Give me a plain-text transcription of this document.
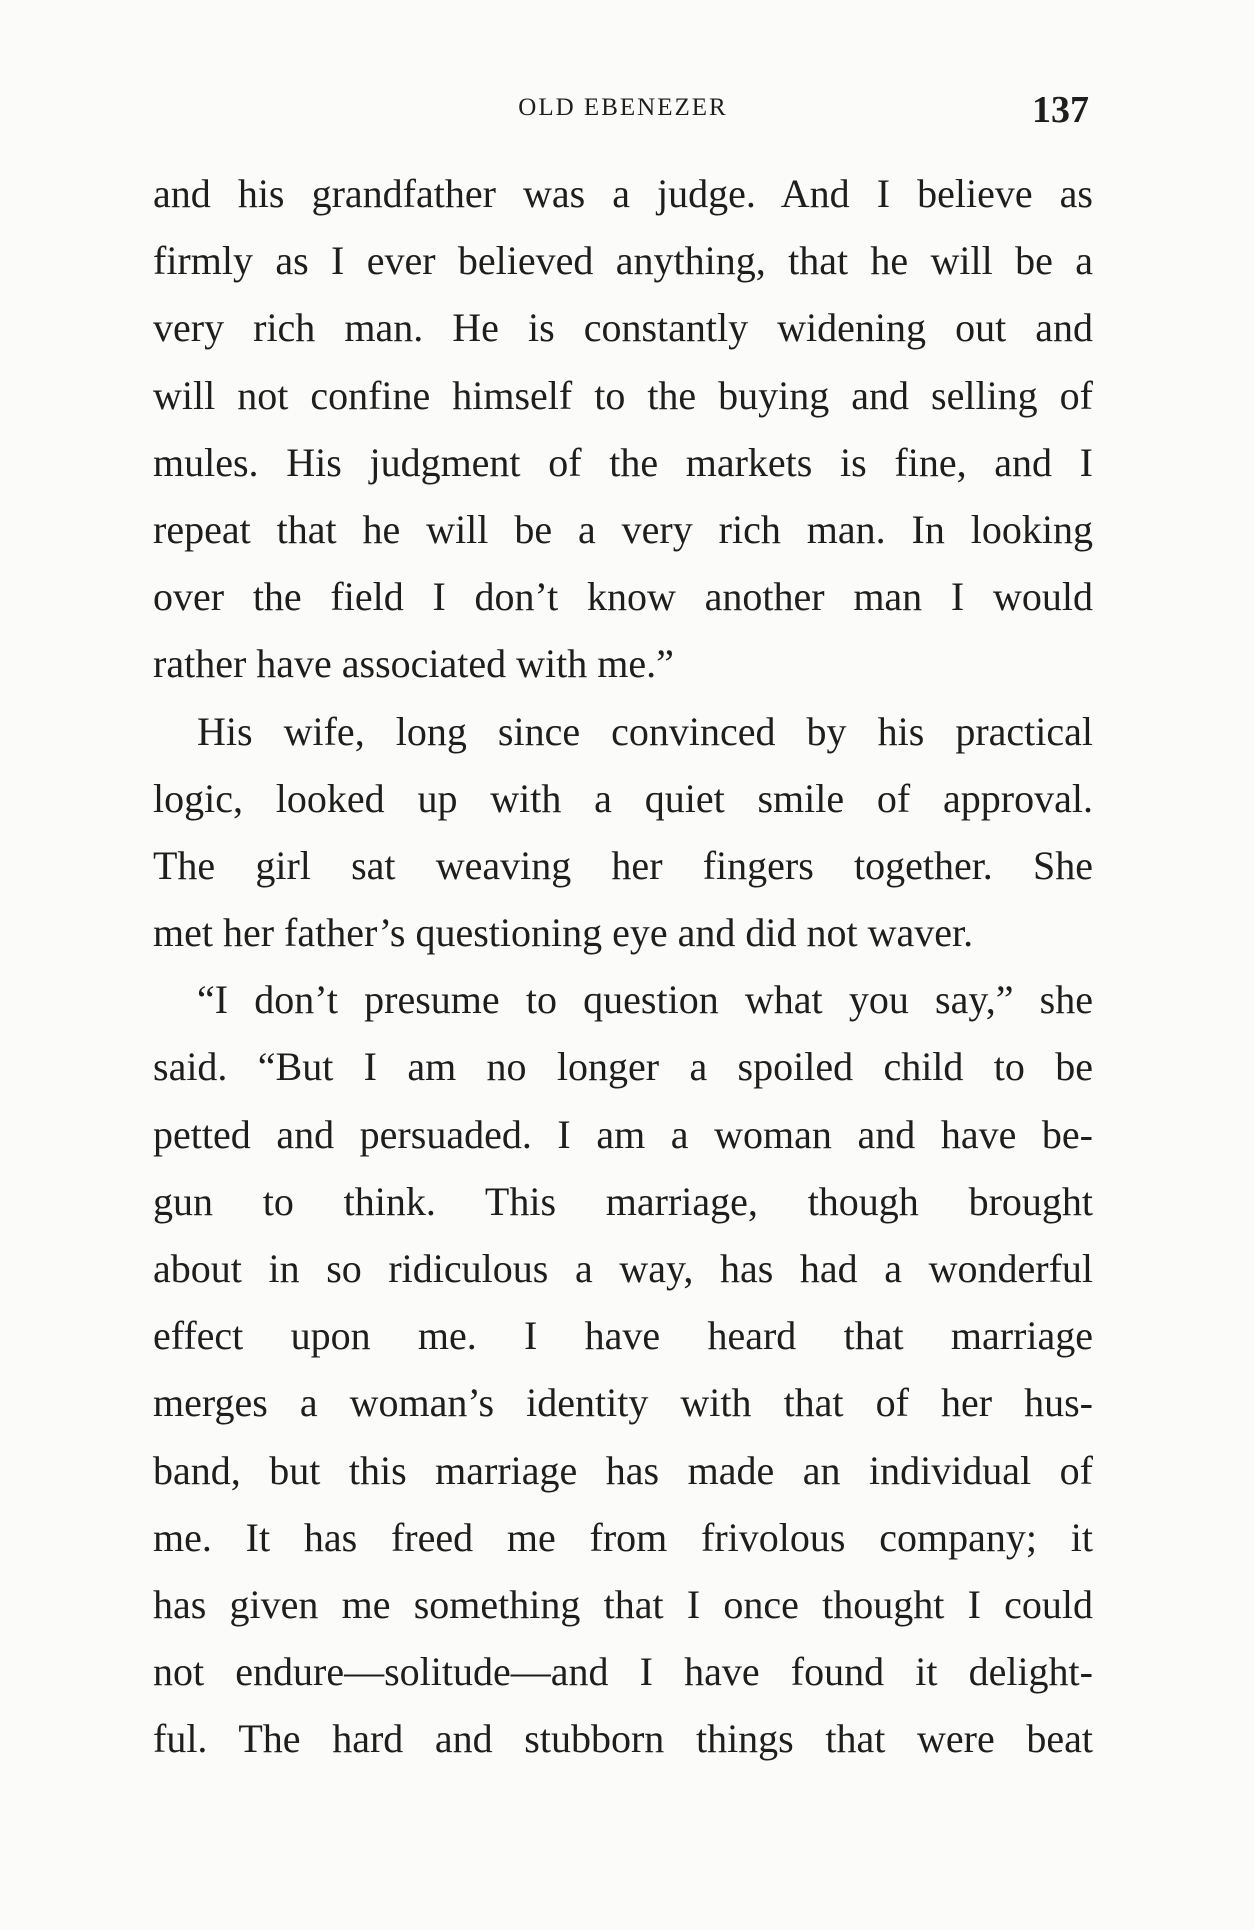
OLD EBENEZER	137
and his grandfather was a judge. And I believe as
firmly as I ever believed anything, that he will be a
very rich man. He is constantly widening out and
will not confine himself to the buying and selling of
mules. His judgment of the markets is fine, and I
repeat that he will be a very rich man. In looking
over the field I don’t know another man I would
rather have associated with me.”
His wife, long since convinced by his practical
logic, looked up with a quiet smile of approval.
The girl sat weaving her fingers together. She
met her father’s questioning eye and did not waver.
“I don’t presume to question what you say,” she
said. “But I am no longer a spoiled child to be
petted and persuaded. I am a woman and have be-
gun to think. This marriage, though brought
about in so ridiculous a way, has had a wonderful
effect upon me. I have heard that marriage
merges a woman’s identity with that of her hus-
band, but this marriage has made an individual of
me. It has freed me from frivolous company; it
has given me something that I once thought I could
not endure—solitude—and I have found it delight-
ful. The hard and stubborn things that were beat
